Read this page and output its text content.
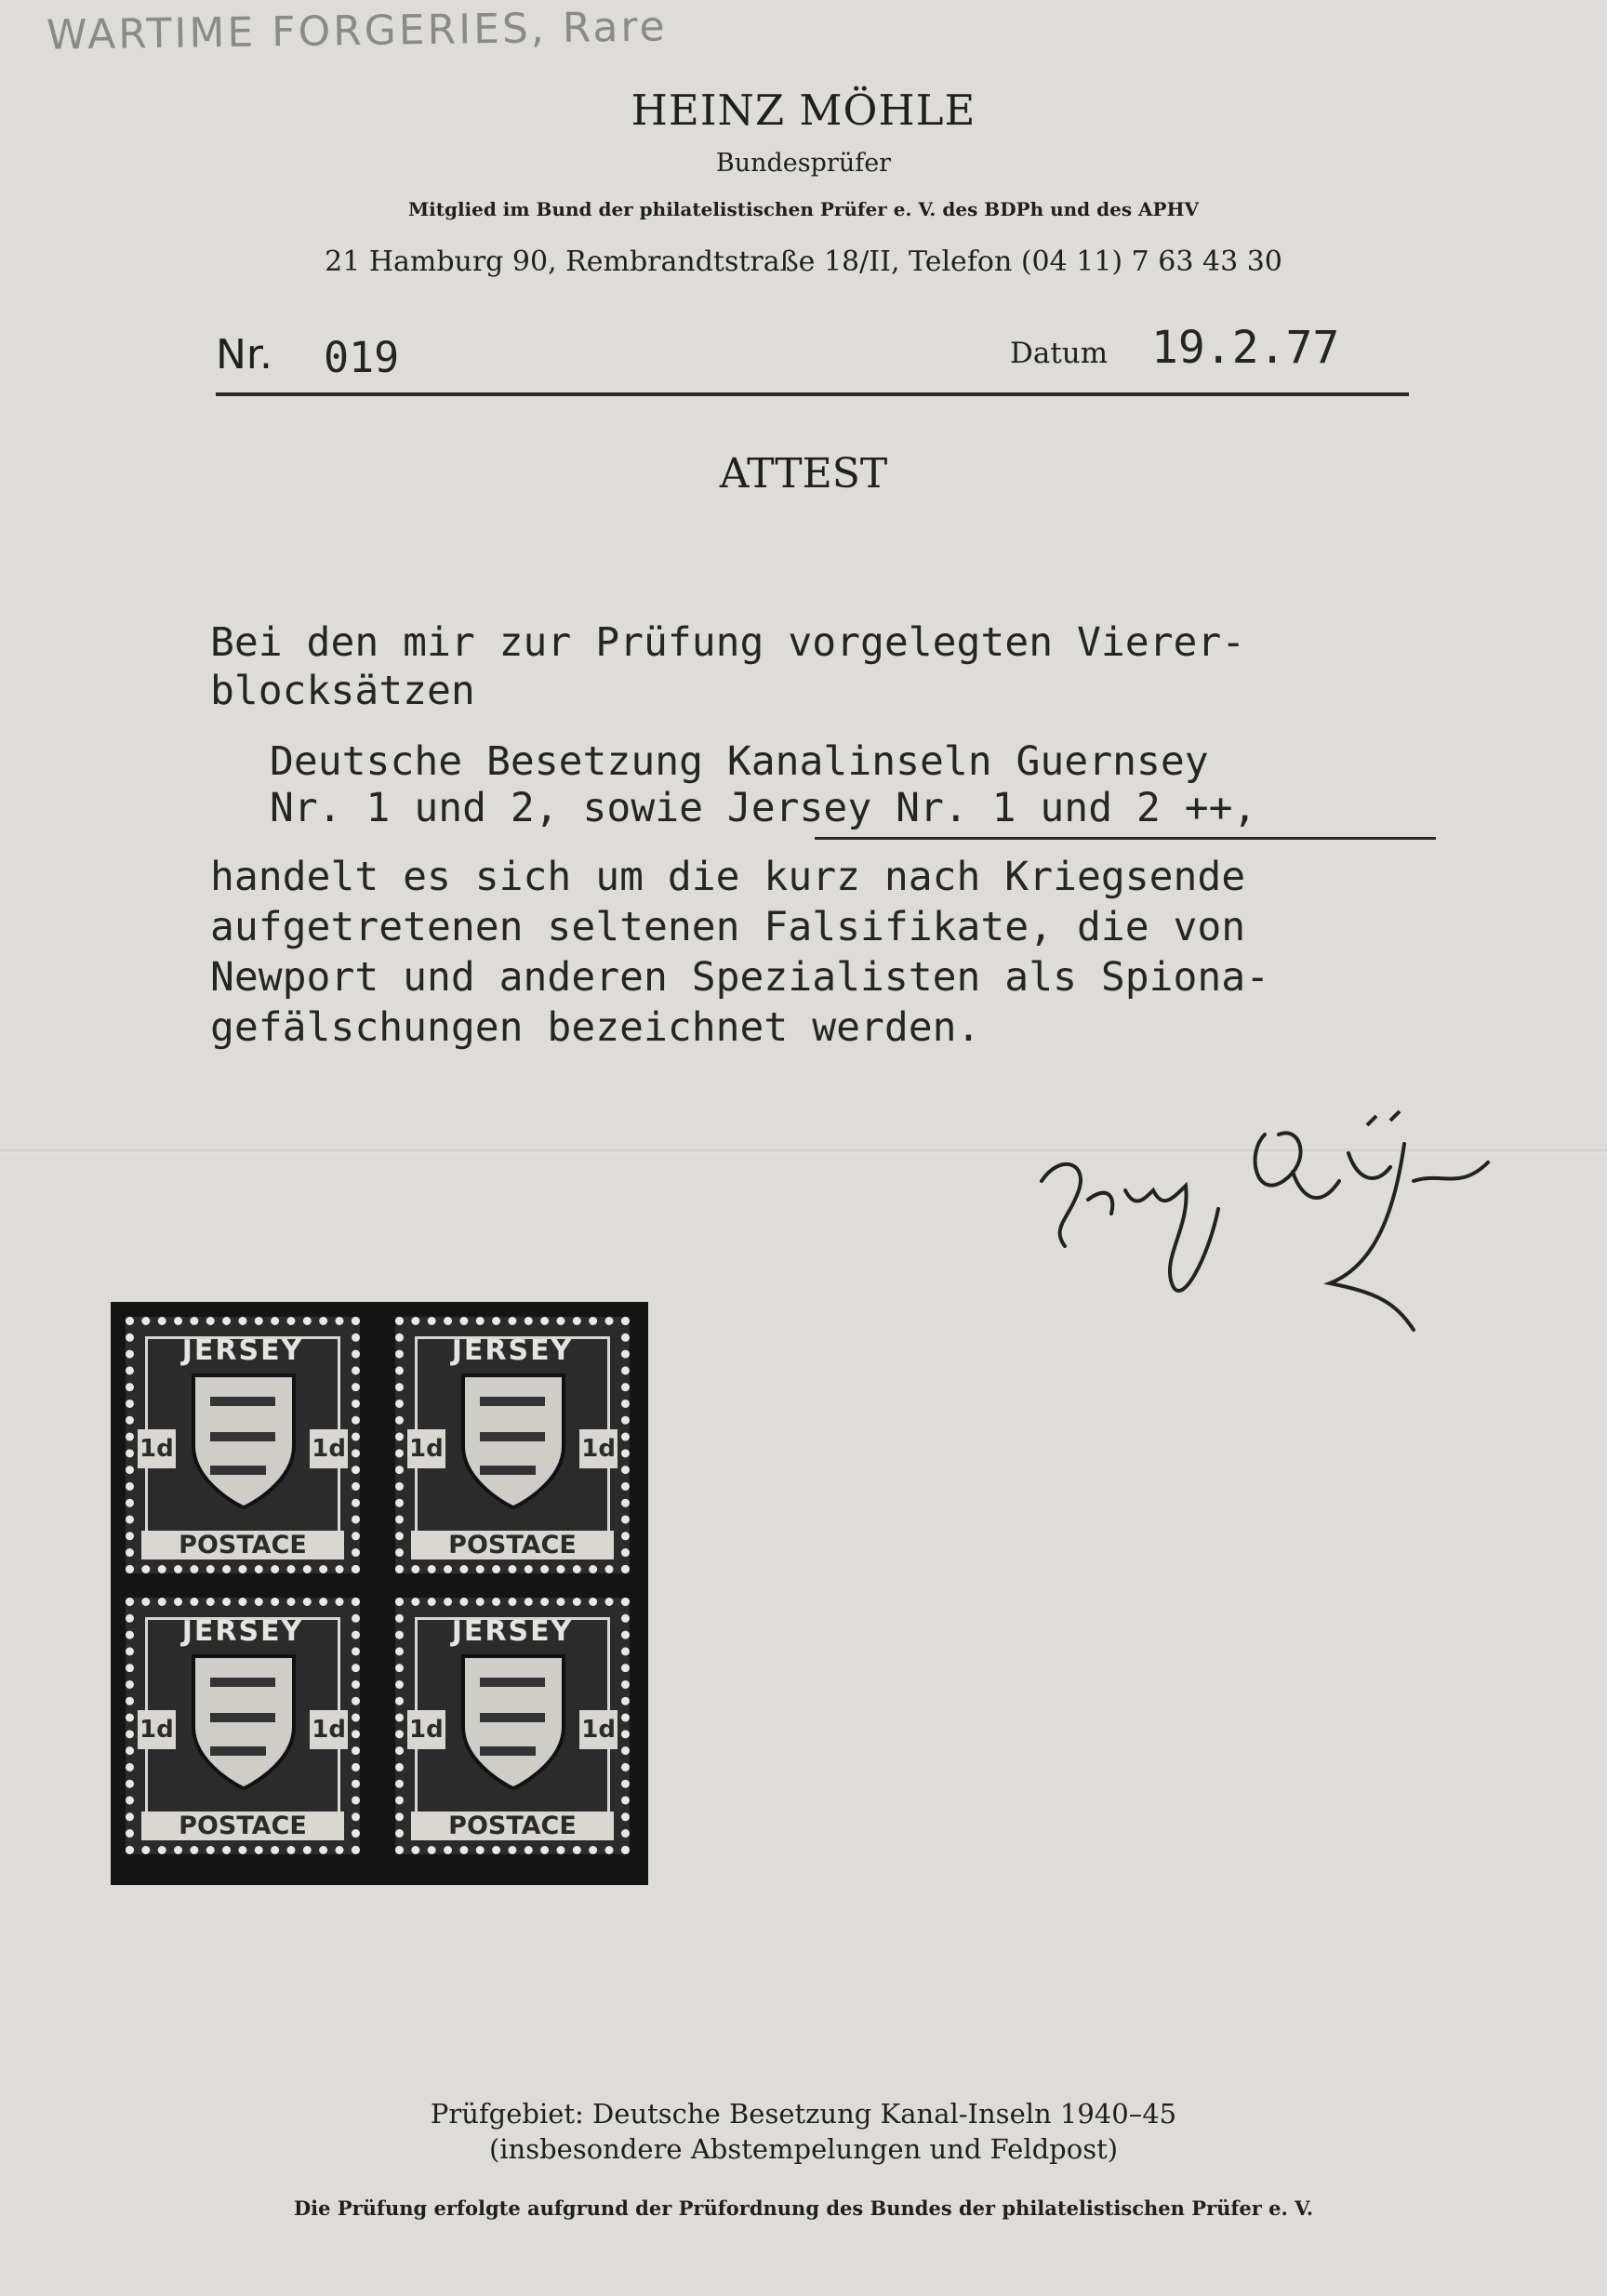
WARTIME FORGERIES, Rare

HEINZ MÖHLE

Bundesprüfer

Mitglied im Bund der philatelistischen Prüfer e. V. des BDPh und des APHV

21 Hamburg 90, Rembrandtstraße 18/II, Telefon (04 11) 7 63 43 30

Nr. 019	Datum 19.2.77

ATTEST

Bei den mir zur Prüfung vorgelegten Vierer-

blocksätzen

Deutsche Besetzung Kanalinseln Guernsey

Nr. 1 und 2, sowie Jersey Nr. 1 und 2 ++,

handelt es sich um die kurz nach Kriegsende

aufgetretenen seltenen Falsifikate, die von

Newport und anderen Spezialisten als Spiona-

gefälschungen bezeichnet werden.

JERSEY
1d	1d
POSTACE
JERSEY
1d	1d
POSTACE
JERSEY
1d	1d
POSTACE
JERSEY
1d	1d
POSTACE

Prüfgebiet: Deutsche Besetzung Kanal-Inseln 1940–45

(insbesondere Abstempelungen und Feldpost)

Die Prüfung erfolgte aufgrund der Prüfordnung des Bundes der philatelistischen Prüfer e. V.
